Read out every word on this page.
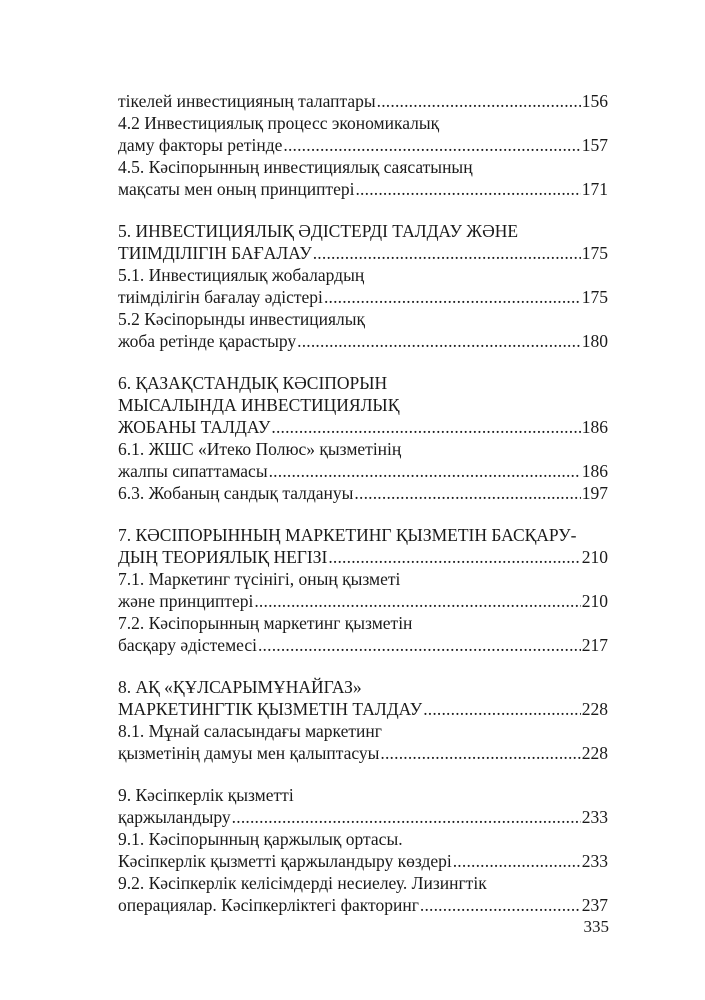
тікелей инвестицияның талаптары .....	156
4.2 Инвестициялық процесс экономикалық
даму факторы ретінде .....	157
4.5. Кәсіпорынның инвестициялық саясатының
мақсаты мен оның принциптері .....	171
5. ИНВЕСТИЦИЯЛЫҚ ӘДІСТЕРДІ ТАЛДАУ ЖӘНЕ
ТИІМДІЛІГІН БАҒАЛАУ .....	175
5.1. Инвестициялық жобалардың
тиімділігін бағалау әдістері .....	175
5.2 Кәсіпорынды инвестициялық
жоба ретінде қарастыру .....	180
6. ҚАЗАҚСТАНДЫҚ КӘСІПОРЫН
МЫСАЛЫНДА ИНВЕСТИЦИЯЛЫҚ
ЖОБАНЫ ТАЛДАУ .....	186
6.1. ЖШС «Итеко Полюс» қызметінің
жалпы сипаттамасы .....	186
6.3. Жобаның сандық талдануы .....	197
7. КӘСІПОРЫННЫҢ МАРКЕТИНГ ҚЫЗМЕТІН БАСҚАРУ-
ДЫҢ ТЕОРИЯЛЫҚ НЕГІЗІ .....	210
7.1. Маркетинг түсінігі, оның қызметі
және принциптері .....	210
7.2. Кәсіпорынның маркетинг қызметін
басқару әдістемесі .....	217
8. АҚ «ҚҰЛСАРЫМҰНАЙГАЗ»
МАРКЕТИНГТІК ҚЫЗМЕТІН ТАЛДАУ .....	228
8.1. Мұнай саласындағы маркетинг
қызметінің дамуы мен қалыптасуы .....	228
9. Кәсіпкерлік қызметті
қаржыландыру .....	233
9.1. Кәсіпорынның қаржылық ортасы.
Кәсіпкерлік қызметті қаржыландыру көздері .....	233
9.2. Кәсіпкерлік келісімдерді несиелеу. Лизингтік
операциялар. Кәсіпкерліктегі факторинг .....	237
335
